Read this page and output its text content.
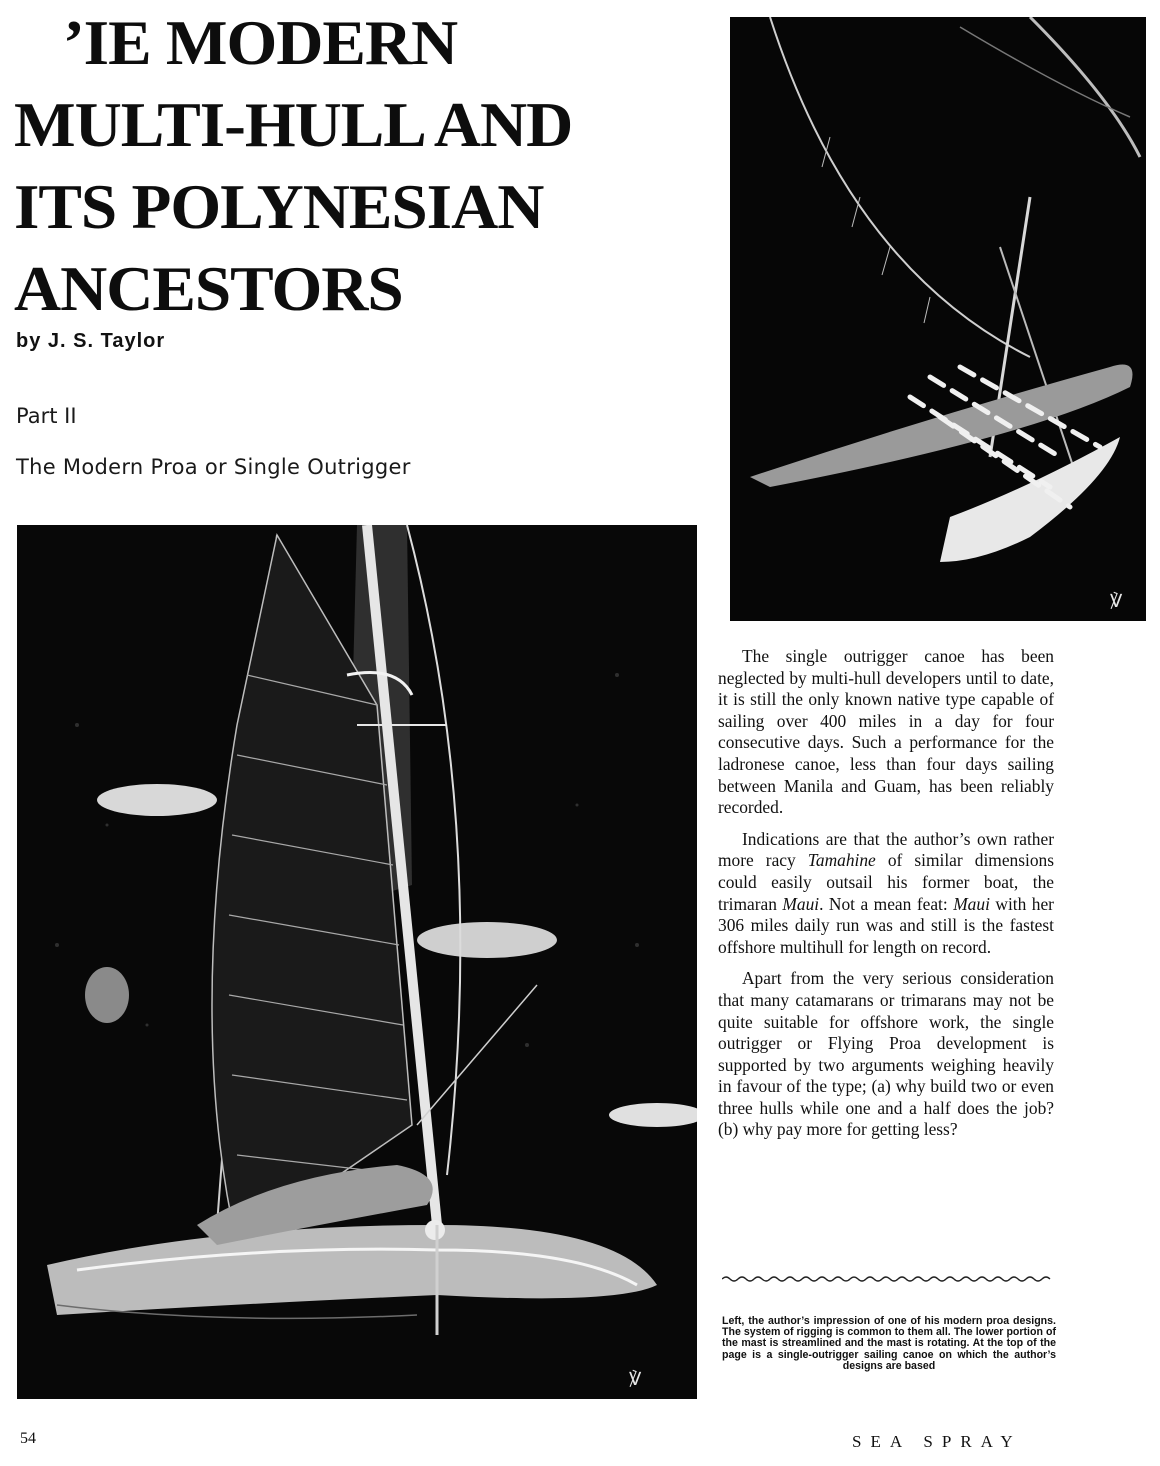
’IE MODERN
MULTI-HULL AND
ITS POLYNESIAN
ANCESTORS
by J. S. Taylor
Part II
The Modern Proa or Single Outrigger
℣
℣

The single outrigger canoe has been neglected by multi-hull developers until to date, it is still the only known native type capable of sailing over 400 miles in a day for four consecutive days. Such a performance for the ladronese canoe, less than four days sailing between Manila and Guam, has been reliably recorded.

Indications are that the author’s own rather more racy Tamahine of similar dimensions could easily outsail his former boat, the trimaran Maui. Not a mean feat: Maui with her 306 miles daily run was and still is the fastest offshore multihull for length on record.

Apart from the very serious consideration that many catamarans or trimarans may not be quite suitable for offshore work, the single outrigger or Flying Proa development is supported by two arguments weighing heavily in favour of the type; (a) why build two or even three hulls while one and a half does the job? (b) why pay more for getting less?

Left, the author’s impression of one of his modern proa designs. The system of rigging is common to them all. The lower portion of the mast is streamlined and the mast is rotating. At the top of the page is a single-outrigger sailing canoe on which the author’s designs are based
54	SEA SPRAY
